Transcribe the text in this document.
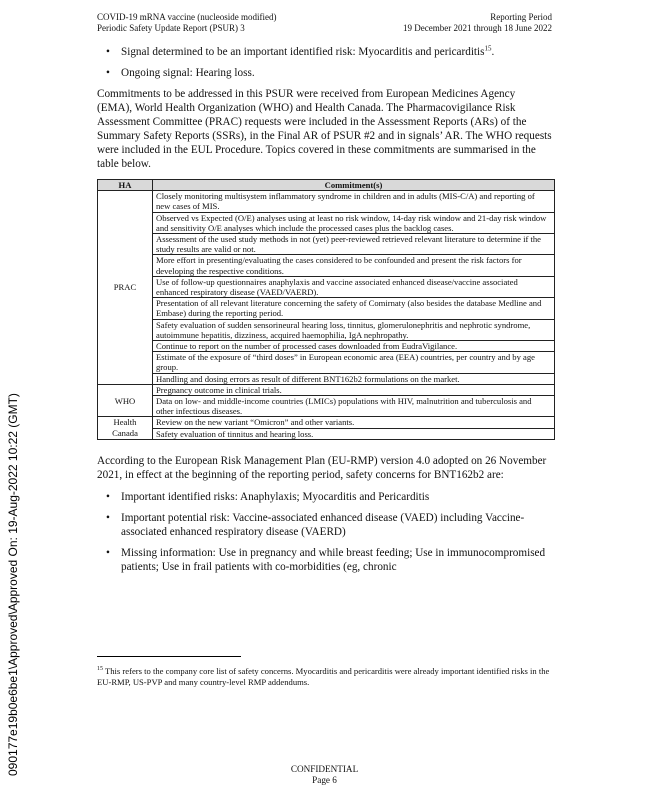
090177e19b0e6be1\Approved\Approved On: 19-Aug-2022 10:22 (GMT)
COVID-19 mRNA vaccine (nucleoside modified)	Reporting Period
Periodic Safety Update Report (PSUR) 3	19 December 2021 through 18 June 2022
• Signal determined to be an important identified risk: Myocarditis and pericarditis$^{15}$.
• Ongoing signal: Hearing loss.

Commitments to be addressed in this PSUR were received from European Medicines Agency (EMA), World Health Organization (WHO) and Health Canada. The Pharmacovigilance Risk Assessment Committee (PRAC) requests were included in the Assessment Reports (ARs) of the Summary Safety Reports (SSRs), in the Final AR of PSUR #2 and in signals’ AR. The WHO requests were included in the EUL Procedure. Topics covered in these commitments are summarised in the table below.

HA	Commitment(s)
PRAC	Closely monitoring multisystem inflammatory syndrome in children and in adults (MIS-C/A) and reporting of new cases of MIS.
	Observed vs Expected (O/E) analyses using at least no risk window, 14-day risk window and 21-day risk window and sensitivity O/E analyses which include the processed cases plus the backlog cases.
	Assessment of the used study methods in not (yet) peer-reviewed retrieved relevant literature to determine if the study results are valid or not.
	More effort in presenting/evaluating the cases considered to be confounded and present the risk factors for developing the respective conditions.
	Use of follow-up questionnaires anaphylaxis and vaccine associated enhanced disease/vaccine associated enhanced respiratory disease (VAED/VAERD).
	Presentation of all relevant literature concerning the safety of Comirnaty (also besides the database Medline and Embase) during the reporting period.
	Safety evaluation of sudden sensorineural hearing loss, tinnitus, glomerulonephritis and nephrotic syndrome, autoimmune hepatitis, dizziness, acquired haemophilia, IgA nephropathy.
	Continue to report on the number of processed cases downloaded from EudraVigilance.
	Estimate of the exposure of “third doses” in European economic area (EEA) countries, per country and by age group.
	Handling and dosing errors as result of different BNT162b2 formulations on the market.
WHO	Pregnancy outcome in clinical trials.
	Data on low- and middle-income countries (LMICs) populations with HIV, malnutrition and tuberculosis and other infectious diseases.

Health
Canada	Review on the new variant “Omicron” and other variants.
	Safety evaluation of tinnitus and hearing loss.

According to the European Risk Management Plan (EU-RMP) version 4.0 adopted on 26 November 2021, in effect at the beginning of the reporting period, safety concerns for BNT162b2 are:

• Important identified risks: Anaphylaxis; Myocarditis and Pericarditis
• Important potential risk: Vaccine-associated enhanced disease (VAED) including Vaccine-associated enhanced respiratory disease (VAERD)
• Missing information: Use in pregnancy and while breast feeding; Use in immunocompromised patients; Use in frail patients with co-morbidities (eg, chronic
$^{15}$ This refers to the company core list of safety concerns. Myocarditis and pericarditis were already important identified risks in the EU-RMP, US-PVP and many country-level RMP addendums.
CONFIDENTIAL
Page 6
